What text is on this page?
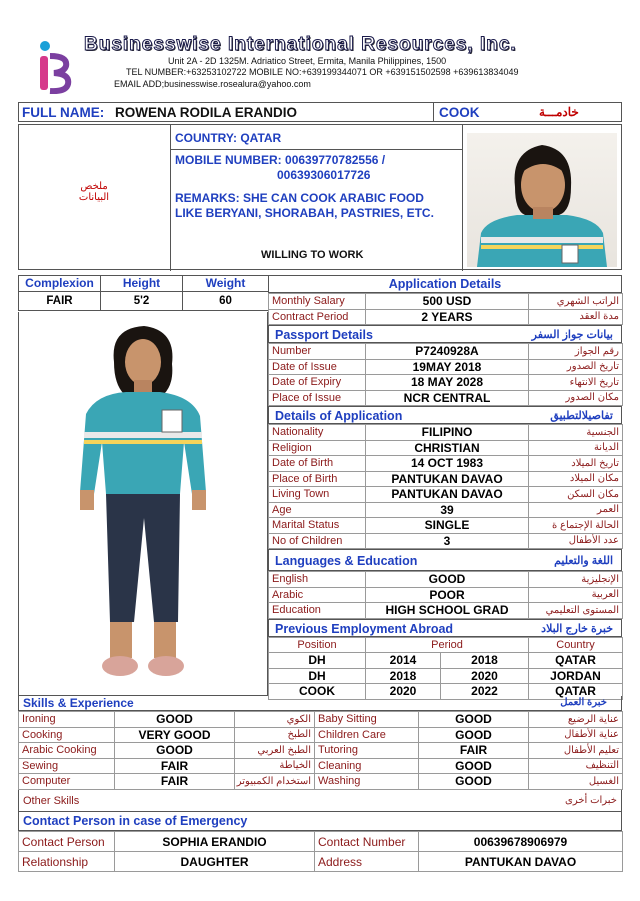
Businesswise International Resources, Inc.
Unit 2A - 2D 1325M. Adriatico Street, Ermita, Manila Philippines, 1500
TEL NUMBER:+63253102722 MOBILE NO:+639199344071 OR +639151502598 +639613834049
EMAIL ADD;businesswise.rosealura@yahoo.com
FULL NAME: ROWENA RODILA ERANDIO	COOK	خادمـــة
ملخص
البيانات
COUNTRY: QATAR
MOBILE NUMBER: 00639770782556 /
00639306017726
REMARKS: SHE CAN COOK ARABIC FOOD
LIKE BERYANI, SHORABAH, PASTRIES, ETC.
WILLING TO WORK
Complexion	Height	Weight
FAIR	5'2	60
Application Details
Monthly Salary	500 USD	الراتب الشهري
Contract Period	2 YEARS	مدة العقد
Passport Details	بيانات جواز السفر
Number	P7240928A	رقم الجواز
Date of Issue	19MAY 2018	تاريخ الصدور
Date of Expiry	18 MAY 2028	تاريخ الانتهاء
Place of Issue	NCR CENTRAL	مكان الصدور
Details of Application	تفاصيلالتطبيق
Nationality	FILIPINO	الجنسية
Religion	CHRISTIAN	الديانة
Date of Birth	14 OCT 1983	تاريخ الميلاد
Place of Birth	PANTUKAN DAVAO	مكان الميلاد
Living Town	PANTUKAN DAVAO	مكان السكن
Age	39	العمر
Marital Status	SINGLE	الحالة الإجتماع ة
No of Children	3	عدد الأطفال
Languages & Education	اللغة والتعليم
English	GOOD	الإنجليزية
Arabic	POOR	العربية
Education	HIGH SCHOOL GRAD	المستوى التعليمي
Previous Employment Abroad	خبرة خارج البلاد
Position	Period		Country
DH	2014	2018	QATAR
DH	2018	2020	JORDAN
COOK	2020	2022	QATAR
Skills & Experience	خبرة العمل
Ironing	GOOD	الكوي	Baby Sitting	GOOD	عناية الرضيع
Cooking	VERY GOOD	الطبخ	Children Care	GOOD	عناية الأطفال
Arabic Cooking	GOOD	الطبخ العربي	Tutoring	FAIR	تعليم الأطفال
Sewing	FAIR	الخياطة	Cleaning	GOOD	التنظيف
Computer	FAIR	استخدام الكمبيوتر	Washing	GOOD	الغسيل
Other Skills	خبرات أخرى
Contact Person in case of Emergency
Contact Person	SOPHIA ERANDIO	Contact Number	00639678906979
Relationship	DAUGHTER	Address	PANTUKAN DAVAO
